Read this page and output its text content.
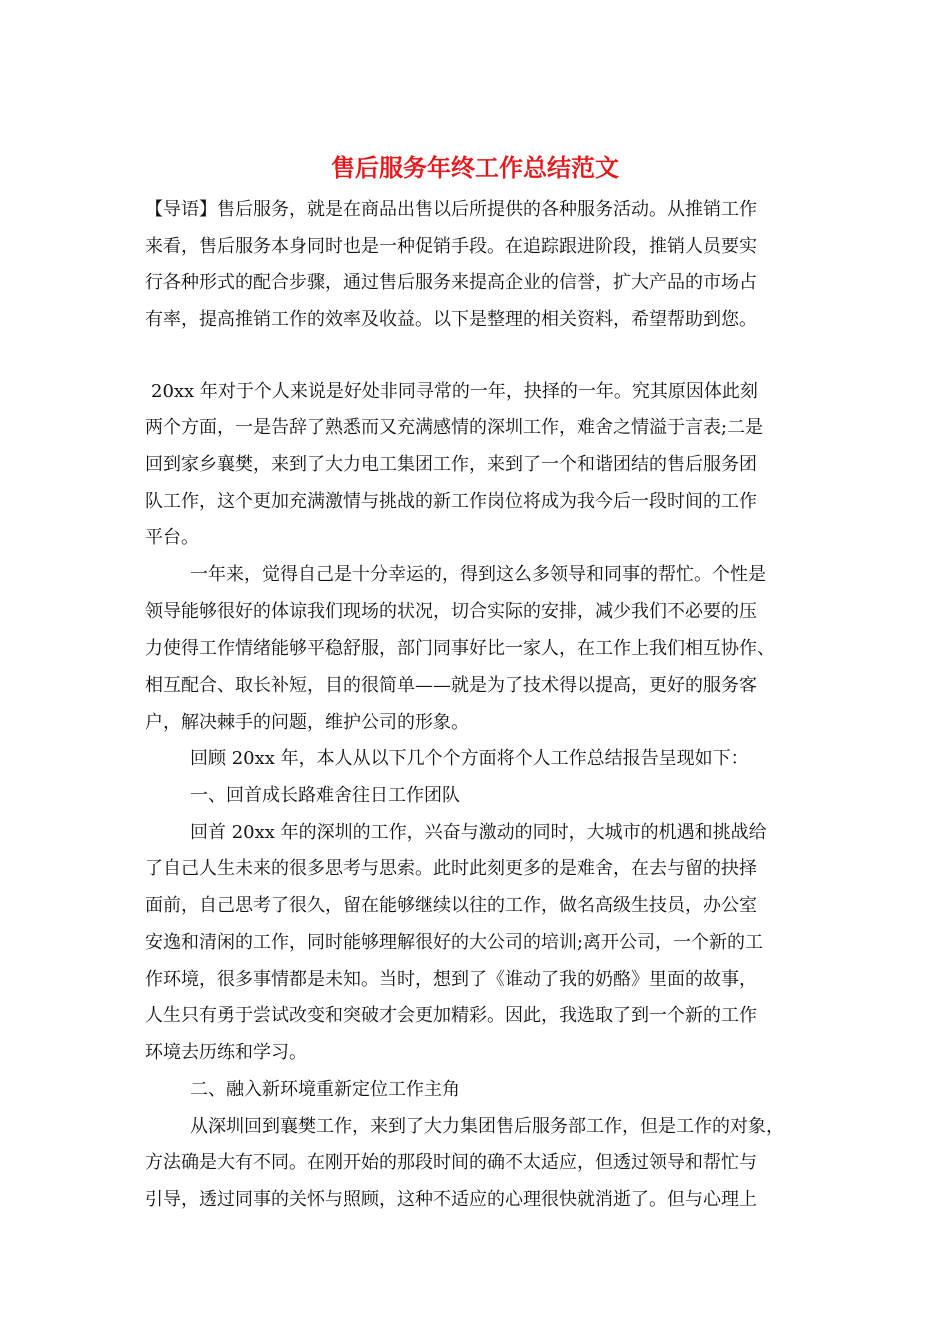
售后服务年终工作总结范文
【导语】售后服务，就是在商品出售以后所提供的各种服务活动。从推销工作
来看，售后服务本身同时也是一种促销手段。在追踪跟进阶段，推销人员要实
行各种形式的配合步骤，通过售后服务来提高企业的信誉，扩大产品的市场占
有率，提高推销工作的效率及收益。以下是整理的相关资料，希望帮助到您。
20xx 年对于个人来说是好处非同寻常的一年，抉择的一年。究其原因体此刻
两个方面，一是告辞了熟悉而又充满感情的深圳工作，难舍之情溢于言表;二是
回到家乡襄樊，来到了大力电工集团工作，来到了一个和谐团结的售后服务团
队工作，这个更加充满激情与挑战的新工作岗位将成为我今后一段时间的工作
平台。
一年来，觉得自己是十分幸运的，得到这么多领导和同事的帮忙。个性是
领导能够很好的体谅我们现场的状况，切合实际的安排，减少我们不必要的压
力使得工作情绪能够平稳舒服，部门同事好比一家人，在工作上我们相互协作、
相互配合、取长补短，目的很简单——就是为了技术得以提高，更好的服务客
户，解决棘手的问题，维护公司的形象。
回顾 20xx 年，本人从以下几个个方面将个人工作总结报告呈现如下：
一、回首成长路难舍往日工作团队
回首 20xx 年的深圳的工作，兴奋与激动的同时，大城市的机遇和挑战给
了自己人生未来的很多思考与思索。此时此刻更多的是难舍，在去与留的抉择
面前，自己思考了很久，留在能够继续以往的工作，做名高级生技员，办公室
安逸和清闲的工作，同时能够理解很好的大公司的培训;离开公司，一个新的工
作环境，很多事情都是未知。当时，想到了《谁动了我的奶酪》里面的故事，
人生只有勇于尝试改变和突破才会更加精彩。因此，我选取了到一个新的工作
环境去历练和学习。
二、融入新环境重新定位工作主角
从深圳回到襄樊工作，来到了大力集团售后服务部工作，但是工作的对象，
方法确是大有不同。在刚开始的那段时间的确不太适应，但透过领导和帮忙与
引导，透过同事的关怀与照顾，这种不适应的心理很快就消逝了。但与心理上
